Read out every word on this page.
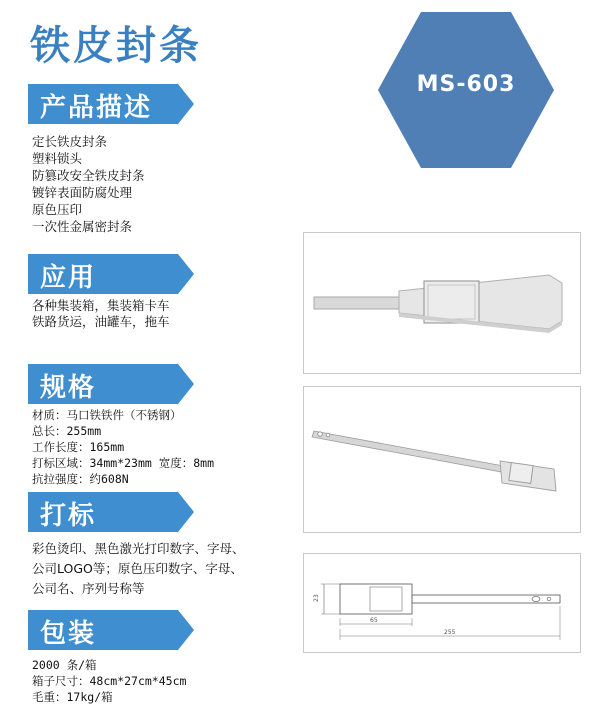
铁皮封条
MS-603
产品描述
定长铁皮封条
塑料锁头
防篡改安全铁皮封条
镀锌表面防腐处理
原色压印
一次性金属密封条
应用
各种集装箱，集装箱卡车
铁路货运，油罐车，拖车
规格
材质：马口铁铁件（不锈钢）
总长：255mm
工作长度：165mm
打标区域：34mm*23mm 宽度：8mm
抗拉强度：约608N
打标
彩色烫印、黑色激光打印数字、字母、
公司LOGO等；原色压印数字、字母、
公司名、序列号称等
包装
2000 条/箱
箱子尺寸：48cm*27cm*45cm
毛重：17kg/箱
23
65
255
